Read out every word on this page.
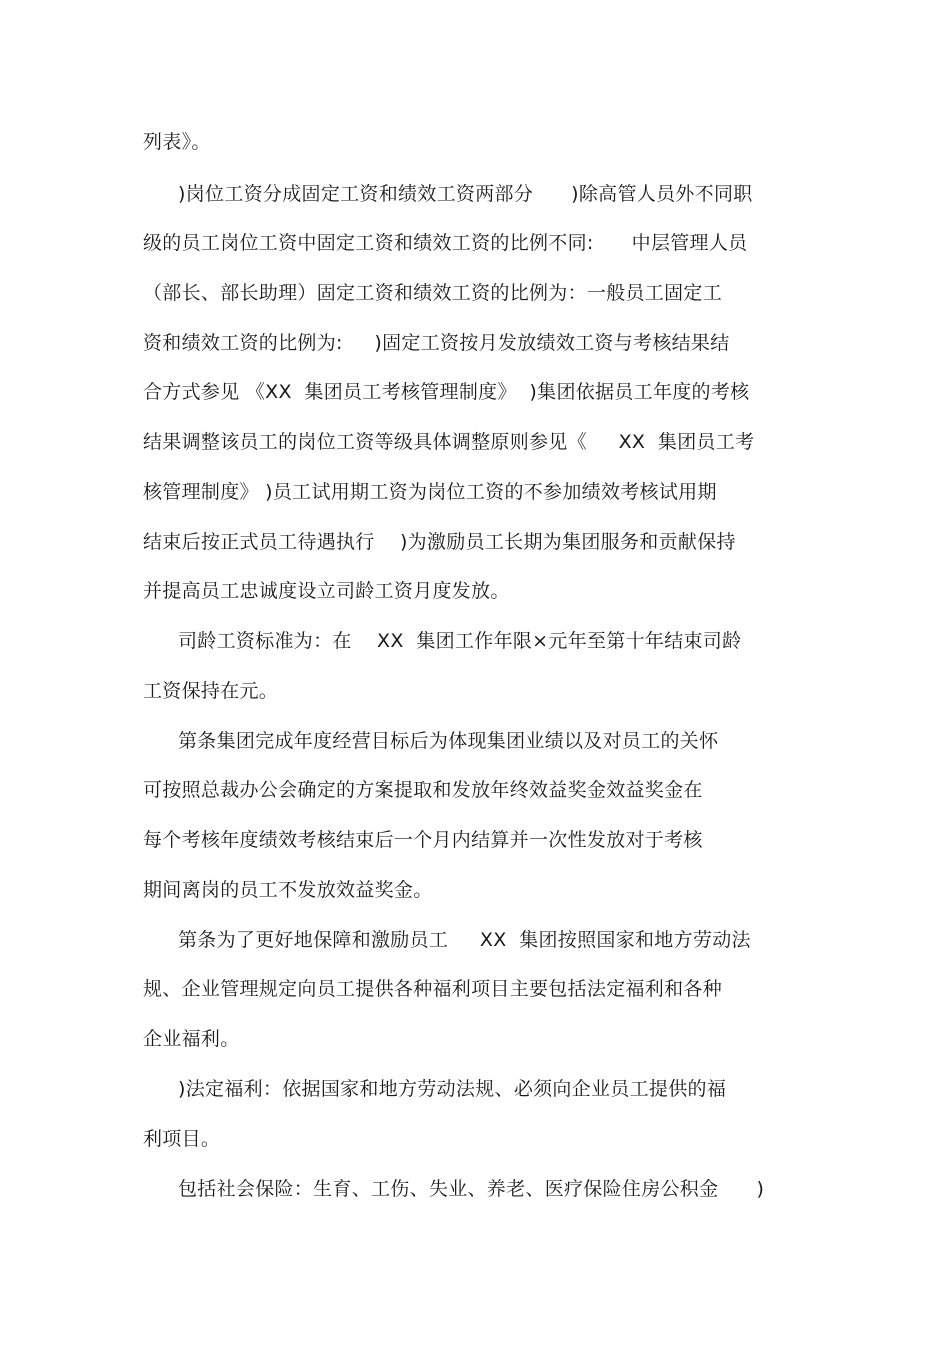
列表》。
)岗位工资分成固定工资和绩效工资两部分      )除高管人员外不同职
级的员工岗位工资中固定工资和绩效工资的比例不同:      中层管理人员
（部长、部长助理）固定工资和绩效工资的比例为：一般员工固定工
资和绩效工资的比例为:     )固定工资按月发放绩效工资与考核结果结
合方式参见 《XX  集团员工考核管理制度》  )集团依据员工年度的考核
结果调整该员工的岗位工资等级具体调整原则参见《     XX  集团员工考
核管理制度》 )员工试用期工资为岗位工资的不参加绩效考核试用期
结束后按正式员工待遇执行    )为激励员工长期为集团服务和贡献保持
并提高员工忠诚度设立司龄工资月度发放。
司龄工资标准为：在    XX  集团工作年限×元年至第十年结束司龄
工资保持在元。
第条集团完成年度经营目标后为体现集团业绩以及对员工的关怀
可按照总裁办公会确定的方案提取和发放年终效益奖金效益奖金在
每个考核年度绩效考核结束后一个月内结算并一次性发放对于考核
期间离岗的员工不发放效益奖金。
第条为了更好地保障和激励员工     XX  集团按照国家和地方劳动法
规、企业管理规定向员工提供各种福利项目主要包括法定福利和各种
企业福利。
)法定福利：依据国家和地方劳动法规、必须向企业员工提供的福
利项目。
包括社会保险：生育、工伤、失业、养老、医疗保险住房公积金      )
